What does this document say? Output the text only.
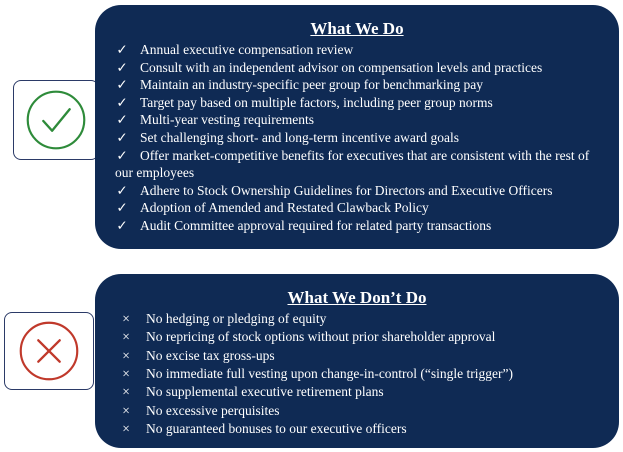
What We Do
✓ Annual executive compensation review
✓ Consult with an independent advisor on compensation levels and practices
✓ Maintain an industry-specific peer group for benchmarking pay
✓ Target pay based on multiple factors, including peer group norms
✓ Multi-year vesting requirements
✓ Set challenging short- and long-term incentive award goals
✓ Offer market-competitive benefits for executives that are consistent with the rest of
our employees
✓ Adhere to Stock Ownership Guidelines for Directors and Executive Officers
✓ Adoption of Amended and Restated Clawback Policy
✓ Audit Committee approval required for related party transactions
What We Don’t Do
× No hedging or pledging of equity
× No repricing of stock options without prior shareholder approval
× No excise tax gross-ups
× No immediate full vesting upon change-in-control (“single trigger”)
× No supplemental executive retirement plans
× No excessive perquisites
× No guaranteed bonuses to our executive officers
